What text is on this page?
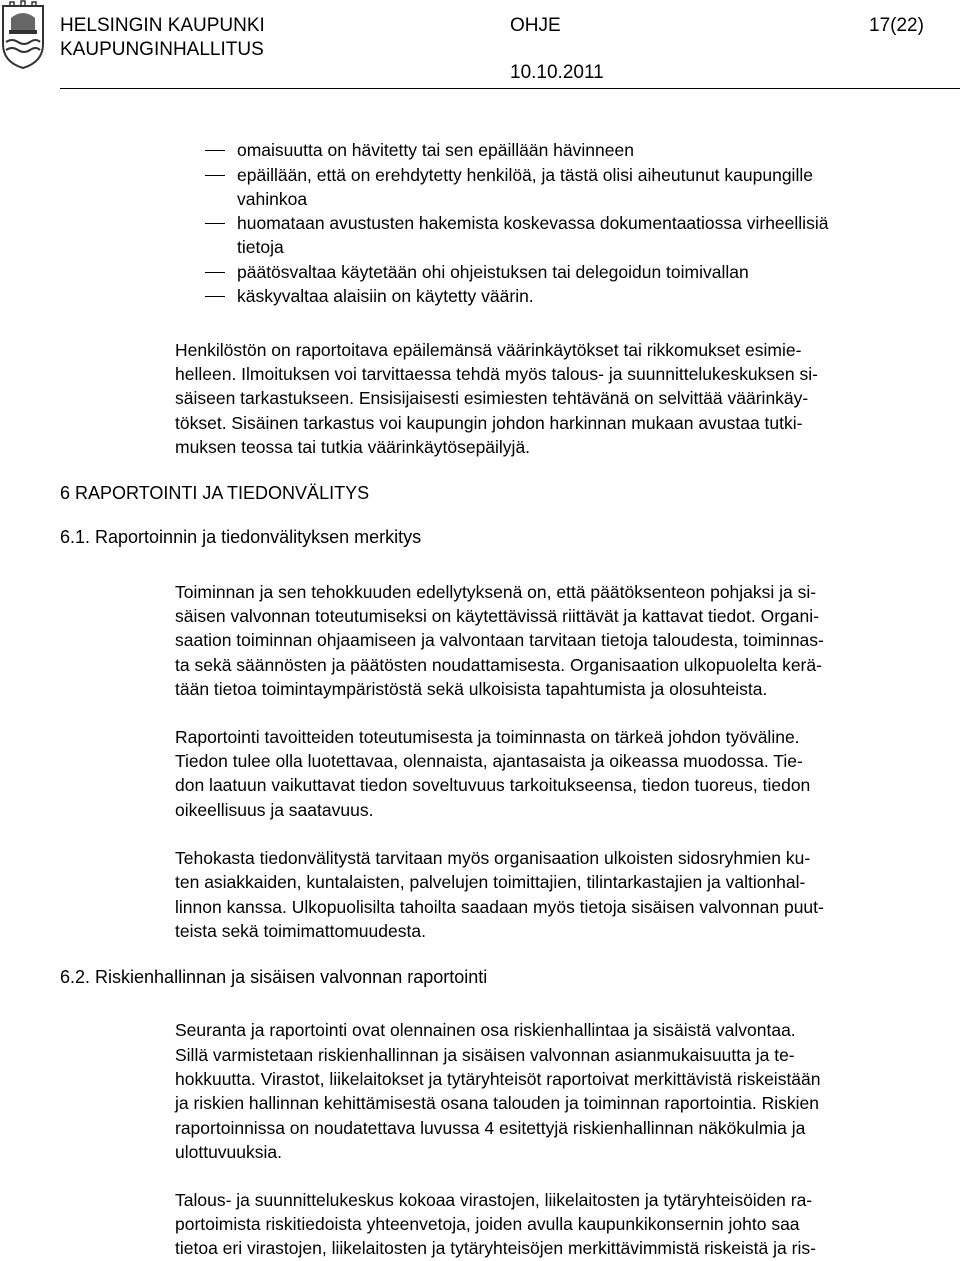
HELSINGIN KAUPUNKI
KAUPUNGINHALLITUS
OHJE
10.10.2011
17(22)
omaisuutta on hävitetty tai sen epäillään hävinneen
epäillään, että on erehdytetty henkilöä, ja tästä olisi aiheutunut kaupungille
vahinkoa
huomataan avustusten hakemista koskevassa dokumentaatiossa virheellisiä
tietoja
päätösvaltaa käytetään ohi ohjeistuksen tai delegoidun toimivallan
käskyvaltaa alaisiin on käytetty väärin.
Henkilöstön on raportoitava epäilemänsä väärinkäytökset tai rikkomukset esimie-
helleen. Ilmoituksen voi tarvittaessa tehdä myös talous- ja suunnittelukeskuksen si-
säiseen tarkastukseen. Ensisijaisesti esimiesten tehtävänä on selvittää väärinkäy-
tökset. Sisäinen tarkastus voi kaupungin johdon harkinnan mukaan avustaa tutki-
muksen teossa tai tutkia väärinkäytösepäilyjä.
6 RAPORTOINTI JA TIEDONVÄLITYS
6.1. Raportoinnin ja tiedonvälityksen merkitys
Toiminnan ja sen tehokkuuden edellytyksenä on, että päätöksenteon pohjaksi ja si-
säisen valvonnan toteutumiseksi on käytettävissä riittävät ja kattavat tiedot. Organi-
saation toiminnan ohjaamiseen ja valvontaan tarvitaan tietoja taloudesta, toiminnas-
ta sekä säännösten ja päätösten noudattamisesta. Organisaation ulkopuolelta kerä-
tään tietoa toimintaympäristöstä sekä ulkoisista tapahtumista ja olosuhteista.
Raportointi tavoitteiden toteutumisesta ja toiminnasta on tärkeä johdon työväline.
Tiedon tulee olla luotettavaa, olennaista, ajantasaista ja oikeassa muodossa. Tie-
don laatuun vaikuttavat tiedon soveltuvuus tarkoitukseensa, tiedon tuoreus, tiedon
oikeellisuus ja saatavuus.
Tehokasta tiedonvälitystä tarvitaan myös organisaation ulkoisten sidosryhmien ku-
ten asiakkaiden, kuntalaisten, palvelujen toimittajien, tilintarkastajien ja valtionhal-
linnon kanssa. Ulkopuolisilta tahoilta saadaan myös tietoja sisäisen valvonnan puut-
teista sekä toimimattomuudesta.
6.2. Riskienhallinnan ja sisäisen valvonnan raportointi
Seuranta ja raportointi ovat olennainen osa riskienhallintaa ja sisäistä valvontaa.
Sillä varmistetaan riskienhallinnan ja sisäisen valvonnan asianmukaisuutta ja te-
hokkuutta. Virastot, liikelaitokset ja tytäryhteisöt raportoivat merkittävistä riskeistään
ja riskien hallinnan kehittämisestä osana talouden ja toiminnan raportointia. Riskien
raportoinnissa on noudatettava luvussa 4 esitettyjä riskienhallinnan näkökulmia ja
ulottuvuuksia.
Talous- ja suunnittelukeskus kokoaa virastojen, liikelaitosten ja tytäryhteisöiden ra-
portoimista riskitiedoista yhteenvetoja, joiden avulla kaupunkikonsernin johto saa
tietoa eri virastojen, liikelaitosten ja tytäryhteisöjen merkittävimmistä riskeistä ja ris-
